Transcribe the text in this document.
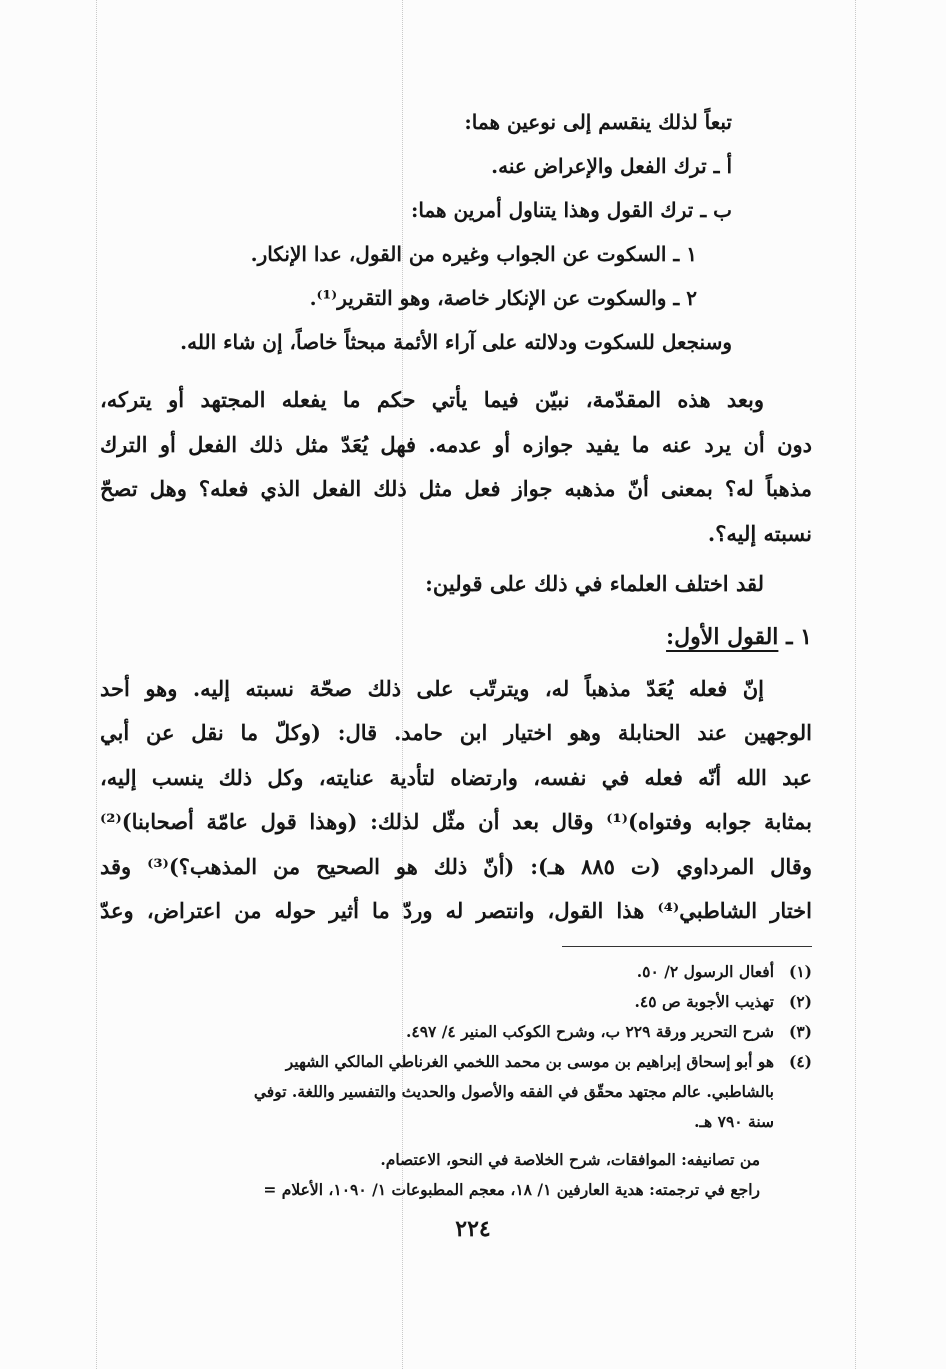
تبعاً لذلك ينقسم إلى نوعين هما:

أ ـ ترك الفعل والإعراض عنه.

ب ـ ترك القول وهذا يتناول أمرين هما:

١ ـ السكوت عن الجواب وغيره من القول، عدا الإنكار.

٢ ـ والسكوت عن الإنكار خاصة، وهو التقرير⁽¹⁾.

وسنجعل للسكوت ودلالته على آراء الأئمة مبحثاً خاصاً، إن شاء الله.

وبعد هذه المقدّمة، نبيّن فيما يأتي حكم ما يفعله المجتهد أو يتركه،
دون أن يرد عنه ما يفيد جوازه أو عدمه. فهل يُعَدّ مثل ذلك الفعل أو الترك
مذهباً له؟ بمعنى أنّ مذهبه جواز فعل مثل ذلك الفعل الذي فعله؟ وهل تصحّ
نسبته إليه؟.

لقد اختلف العلماء في ذلك على قولين:

١ ـ القول الأول:
إنّ فعله يُعَدّ مذهباً له، ويترتّب على ذلك صحّة نسبته إليه. وهو أحد
الوجهين عند الحنابلة وهو اختيار ابن حامد. قال: (وكلّ ما نقل عن أبي
عبد الله أنّه فعله في نفسه، وارتضاه لتأدية عنايته، وكل ذلك ينسب إليه،
بمثابة جوابه وفتواه)⁽¹⁾ وقال بعد أن مثّل لذلك: (وهذا قول عامّة أصحابنا)⁽²⁾
وقال المرداوي (ت ٨٨٥ هـ): (أنّ ذلك هو الصحيح من المذهب؟)⁽³⁾ وقد
اختار الشاطبي⁽⁴⁾ هذا القول، وانتصر له وردّ ما أثير حوله من اعتراض، وعدّ

(١)أفعال الرسول ٢/ ٥٠.

(٢)تهذيب الأجوبة ص ٤٥.

(٣)شرح التحرير ورقة ٢٢٩ ب، وشرح الكوكب المنير ٤/ ٤٩٧.

(٤)هو أبو إسحاق إبراهيم بن موسى بن محمد اللخمي الغرناطي المالكي الشهير

بالشاطبي. عالم مجتهد محقّق في الفقه والأصول والحديث والتفسير واللغة. توفي

سنة ٧٩٠ هـ.

من تصانيفه: الموافقات، شرح الخلاصة في النحو، الاعتصام.

راجع في ترجمته: هدية العارفين ١/ ١٨، معجم المطبوعات ١/ ١٠٩٠، الأعلام =

٢٢٤
